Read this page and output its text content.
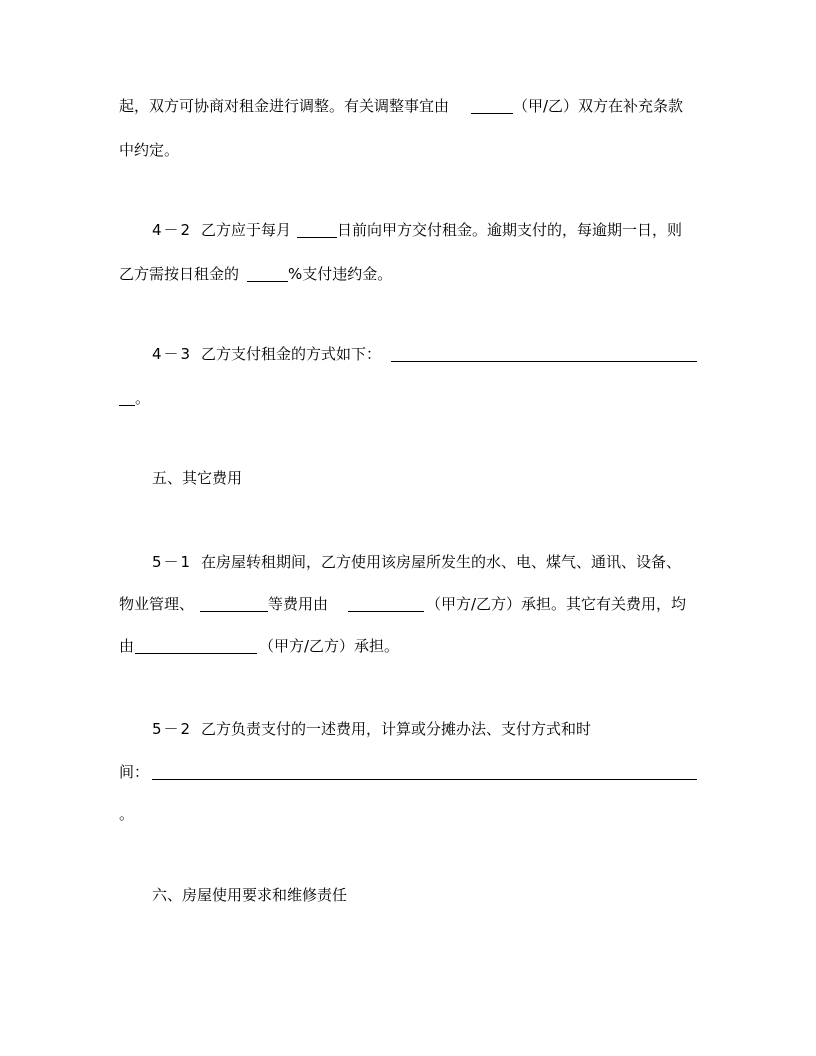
起，双方可协商对租金进行调整。有关调整事宜由	（甲/乙）双方在补充条款
中约定。
4－2 乙方应于每月	日前向甲方交付租金。逾期支付的，每逾期一日，则
乙方需按日租金的	%支付违约金。
4－3 乙方支付租金的方式如下：
。
五、其它费用
5－1 在房屋转租期间，乙方使用该房屋所发生的水、电、煤气、通讯、设备、
物业管理、	等费用由	（甲方/乙方）承担。其它有关费用，均
由	（甲方/乙方）承担。
5－2 乙方负责支付的一述费用，计算或分摊办法、支付方式和时
间：
。
六、房屋使用要求和维修责任
